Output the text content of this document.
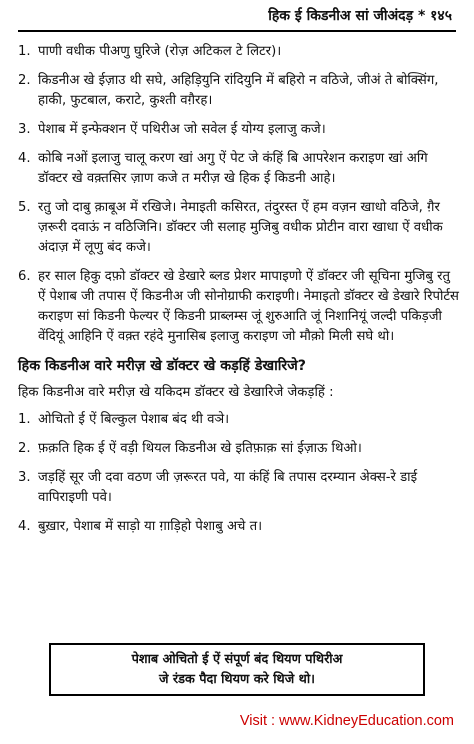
हिक ई किडनीअ सां जीअंदड़ * १४५
1. पाणी वधीक पीअणु घुरिजे (रोज़ अटिकल टे लिटर)।
2. किडनीअ खे ईज़ाउ थी सघे, अहिड़ियुनि रांदियुनि में बहिरो न वठिजे, जीअं ते बोक्सिंग, हाकी, फुटबाल, कराटे, कुश्ती वग़ैरह।
3. पेशाब में इन्फेक्शन ऐं पथिरीअ जो सवेल ई योग्य इलाजु कजे।
4. कोबि नओं इलाजु चालू करण खां अगु ऐं पेट जे कंहिं बि आपरेशन कराइण खां अगि डॉक्टर खे वक़्तसिर ज़ाण कजे त मरीज़ खे हिक ई किडनी आहे।
5. रतु जो दाबु क़ाबूअ में रखिजे। नेमाइती कसिरत, तंदुरस्त ऐं हम वज़न खाधो वठिजे, ग़ैर ज़रूरी दवाऊं न वठिजिनि। डॉक्टर जी सलाह मुजिबु वधीक प्रोटीन वारा खाधा ऐं वधीक अंदाज़ में लूणु बंद कजे।
6. हर साल हिकु दफ़ो डॉक्टर खे डेखारे ब्लड प्रेशर मापाइणो ऐं डॉक्टर जी सूचिना मुजिबु रतु ऐं पेशाब जी तपास ऐं किडनीअ जी सोनोग्राफी कराइणी। नेमाइतो डॉक्टर खे डेखारे रिपोर्टस कराइण सां किडनी फेल्यर ऐं किडनी प्राब्लम्स जूं शुरुआति जूं निशानियूं जल्दी पकिड़जी वेंदियूं आहिनि ऐं वक़्त रहंदे मुनासिब इलाजु कराइण जो मौक़ो मिली सघे थो।
हिक किडनीअ वारे मरीज़ खे डॉक्टर खे कड़हिं डेखारिजे?
हिक किडनीअ वारे मरीज़ खे यकिदम डॉक्टर खे डेखारिजे जेकड़हिं :
1. ओचितो ई ऐं बिल्कुल पेशाब बंद थी वञे।
2. फ़क़ति हिक ई ऐं वड़ी थियल किडनीअ खे इतिफ़ाक़ सां ईज़ाऊ थिओ।
3. जड़हिं सूर जी दवा वठण जी ज़रूरत पवे, या कंहिं बि तपास दरम्यान अेक्स-रे डाई वापिराइणी पवे।
4. बुख़ार, पेशाब में साड़ो या ग़ाड़िहो पेशाबु अचे त।
पेशाब ओचितो ई ऐं संपूर्ण बंद थियण पथिरीअ
जे रंडक पैदा थियण करे थिजे थो।
Visit : www.KidneyEducation.com
